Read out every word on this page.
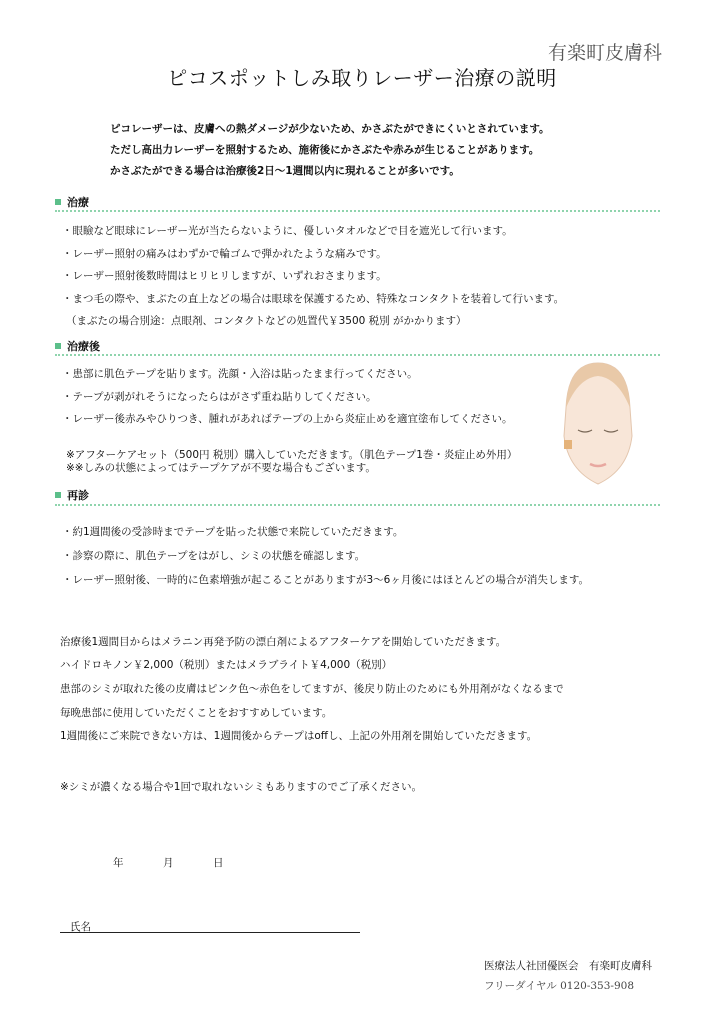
有楽町皮膚科
ピコスポットしみ取りレーザー治療の説明
ピコレーザーは、皮膚への熱ダメージが少ないため、かさぶたができにくいとされています。
ただし高出力レーザーを照射するため、施術後にかさぶたや赤みが生じることがあります。
かさぶたができる場合は治療後2日〜1週間以内に現れることが多いです。
治療
・眼瞼など眼球にレーザー光が当たらないように、優しいタオルなどで目を遮光して行います。
・レーザー照射の痛みはわずかで輪ゴムで弾かれたような痛みです。
・レーザー照射後数時間はヒリヒリしますが、いずれおさまります。
・まつ毛の際や、まぶたの直上などの場合は眼球を保護するため、特殊なコンタクトを装着して行います。
（まぶたの場合別途：点眼剤、コンタクトなどの処置代￥3500 税別 がかかります）
治療後
・患部に肌色テープを貼ります。洗顔・入浴は貼ったまま行ってください。
・テープが剥がれそうになったらはがさず重ね貼りしてください。
・レーザー後赤みやひりつき、腫れがあればテープの上から炎症止めを適宜塗布してください。
※アフターケアセット（500円 税別）購入していただきます。（肌色テープ1巻・炎症止め外用）
※※しみの状態によってはテープケアが不要な場合もございます。
再診
・約1週間後の受診時までテープを貼った状態で来院していただきます。
・診察の際に、肌色テープをはがし、シミの状態を確認します。
・レーザー照射後、一時的に色素増強が起こることがありますが3〜6ヶ月後にはほとんどの場合が消失します。
治療後1週間目からはメラニン再発予防の漂白剤によるアフターケアを開始していただきます。
ハイドロキノン￥2,000（税別）またはメラブライト￥4,000（税別）
患部のシミが取れた後の皮膚はピンク色〜赤色をしてますが、後戻り防止のためにも外用剤がなくなるまで
毎晩患部に使用していただくことをおすすめしています。
1週間後にご来院できない方は、1週間後からテープはoffし、上記の外用剤を開始していただきます。
※シミが濃くなる場合や1回で取れないシミもありますのでご了承ください。
年	月	日
氏名
医療法人社団優医会　有楽町皮膚科
フリーダイヤル 0120-353-908
